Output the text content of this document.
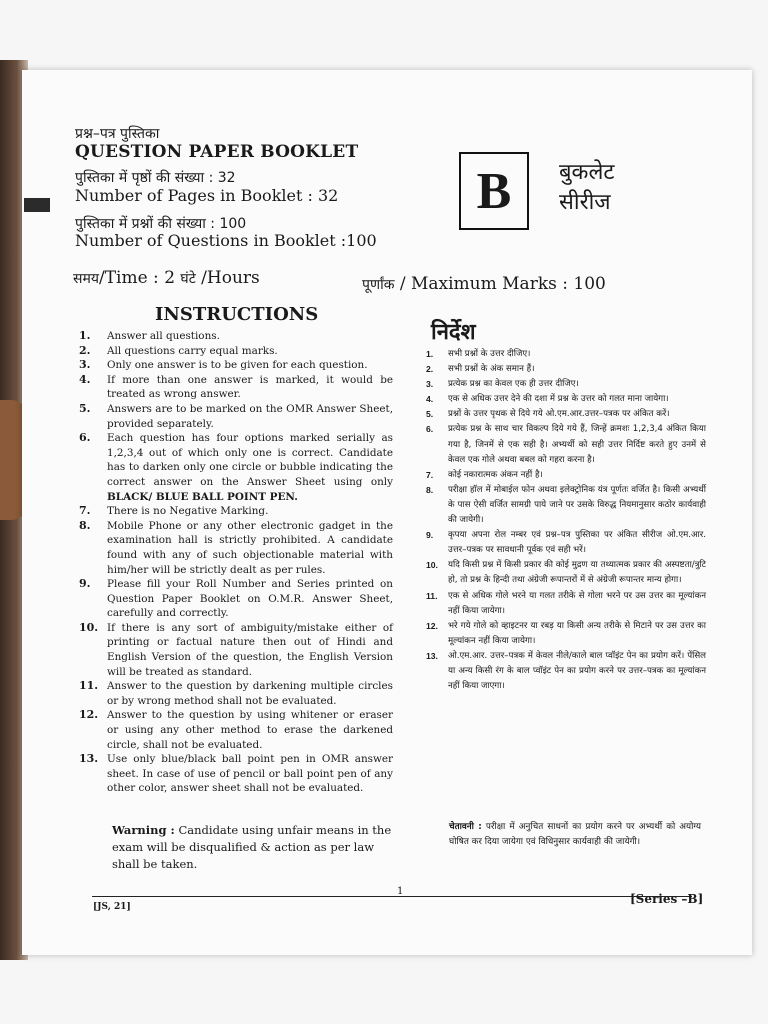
प्रश्न–पत्र पुस्तिका
QUESTION PAPER BOOKLET
पुस्तिका में पृष्ठों की संख्या : 32
Number of Pages in Booklet : 32
पुस्तिका में प्रश्नों की संख्या : 100
Number of Questions in Booklet :100
B	बुकलेट
सीरीज
समय/Time : 2 घंटे /Hours	पूर्णांक / Maximum Marks : 100
INSTRUCTIONS
निर्देश
1. Answer all questions.
2. All questions carry equal marks.
3. Only one answer is to be given for each question.
4. If more than one answer is marked, it would be treated as wrong answer.
5. Answers are to be marked on the OMR Answer Sheet, provided separately.
6. Each question has four options marked serially as 1,2,3,4 out of which only one is correct. Candidate has to darken only one circle or bubble indicating the correct answer on the Answer Sheet using only BLACK/ BLUE BALL POINT PEN.
7. There is no Negative Marking.
8. Mobile Phone or any other electronic gadget in the examination hall is strictly prohibited. A candidate found with any of such objectionable material with him/her will be strictly dealt as per rules.
9. Please fill your Roll Number and Series printed on Question Paper Booklet on O.M.R. Answer Sheet, carefully and correctly.
10. If there is any sort of ambiguity/mistake either of printing or factual nature then out of Hindi and English Version of the question, the English Version will be treated as standard.
11. Answer to the question by darkening multiple circles or by wrong method shall not be evaluated.
12. Answer to the question by using whitener or eraser or using any other method to erase the darkened circle, shall not be evaluated.
13. Use only blue/black ball point pen in OMR answer sheet. In case of use of pencil or ball point pen of any other color, answer sheet shall not be evaluated.
1. सभी प्रश्नों के उत्तर दीजिए।
2. सभी प्रश्नों के अंक समान हैं।
3. प्रत्येक प्रश्न का केवल एक ही उत्तर दीजिए।
4. एक से अधिक उत्तर देने की दशा में प्रश्न के उत्तर को गलत माना जायेगा।
5. प्रश्नों के उत्तर पृथक से दिये गये ओ.एम.आर.उत्तर–पत्रक पर अंकित करें।
6. प्रत्येक प्रश्न के साथ चार विकल्प दिये गये हैं, जिन्हें क्रमशः 1,2,3,4 अंकित किया गया है, जिनमें से एक सही है। अभ्यर्थी को सही उत्तर निर्दिष्ट करते हुए उनमें से केवल एक गोले अथवा बबल को गहरा करना है।
7. कोई नकारात्मक अंकन नहीं है।
8. परीक्षा हॉल में मोबाईल फोन अथवा इलेक्ट्रोनिक यंत्र पूर्णतः वर्जित है। किसी अभ्यर्थी के पास ऐसी वर्जित सामग्री पाये जाने पर उसके विरुद्ध नियमानुसार कठोर कार्यवाही की जायेगी।
9. कृपया अपना रोल नम्बर एवं प्रश्न–पत्र पुस्तिका पर अंकित सीरीज ओ.एम.आर. उत्तर–पत्रक पर सावधानी पूर्वक एवं सही भरें।
10. यदि किसी प्रश्न में किसी प्रकार की कोई मुद्रण या तथ्यात्मक प्रकार की अस्पष्टता/त्रुटि हो, तो प्रश्न के हिन्दी तथा अंग्रेजी रूपान्तरों में से अंग्रेजी रूपान्तर मान्य होगा।
11. एक से अधिक गोले भरने या गलत तरीके से गोला भरने पर उस उत्तर का मूल्यांकन नहीं किया जायेगा।
12. भरे गये गोले को व्हाइटनर या रबड़ या किसी अन्य तरीके से मिटाने पर उस उत्तर का मूल्यांकन नहीं किया जायेगा।
13. ओ.एम.आर. उत्तर–पत्रक में केवल नीले/काले बाल प्वॉइंट पेन का प्रयोग करें। पेंसिल या अन्य किसी रंग के बाल प्वॉइंट पेन का प्रयोग करने पर उत्तर–पत्रक का मूल्यांकन नहीं किया जाएगा।
Warning : Candidate using unfair means in the exam will be disqualified & action as per law shall be taken.
चेतावनी : परीक्षा में अनुचित साधनों का प्रयोग करने पर अभ्यर्थी को अयोग्य घोषित कर दिया जायेगा एवं विधिनुसार कार्यवाही की जायेगी।
1
[JS, 21]
[Series –B]
